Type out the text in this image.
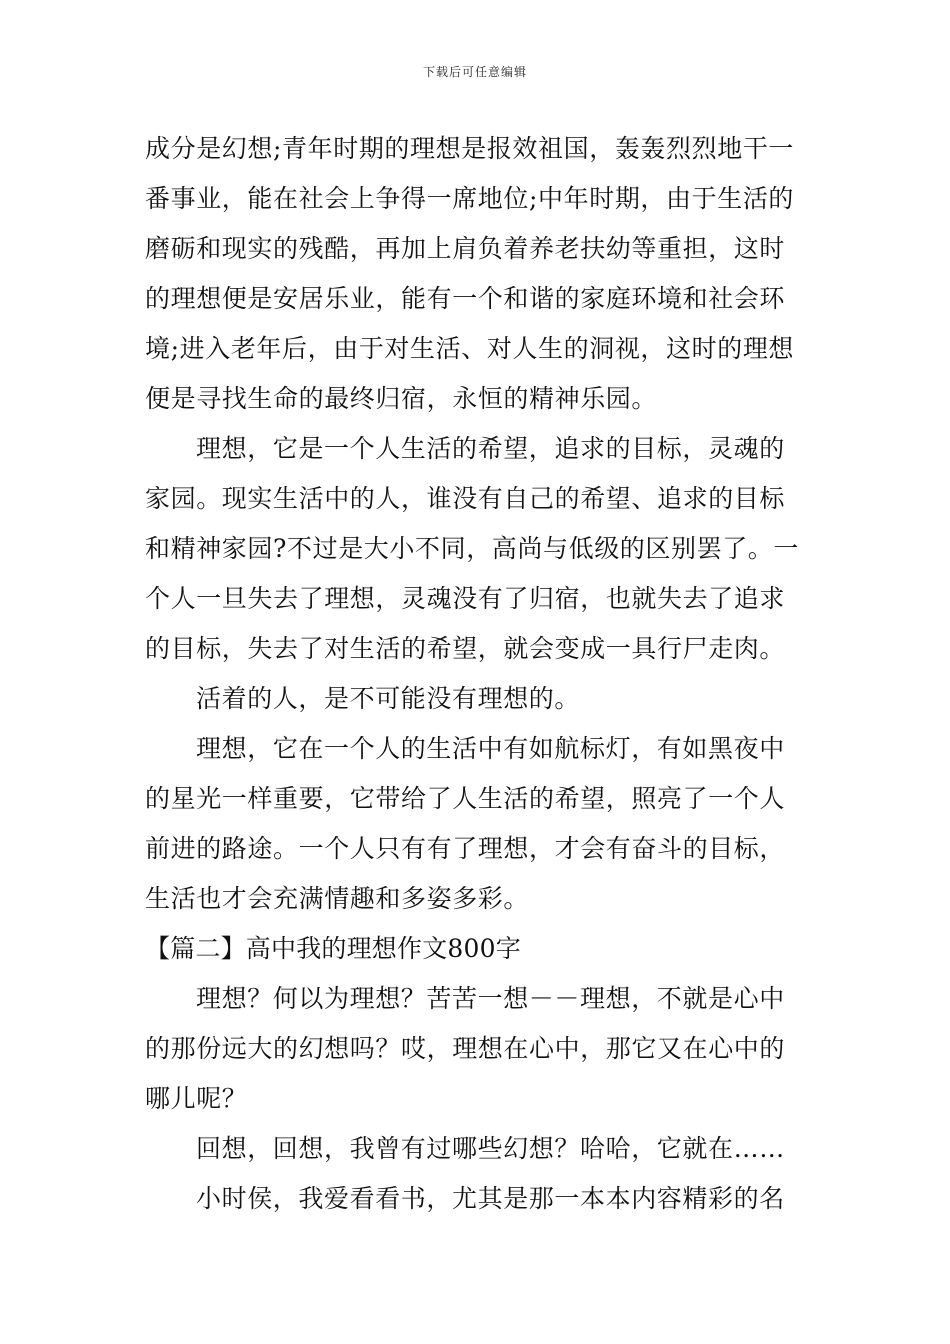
下载后可任意编辑
成分是幻想;青年时期的理想是报效祖国，轰轰烈烈地干一
番事业，能在社会上争得一席地位;中年时期，由于生活的
磨砺和现实的残酷，再加上肩负着养老扶幼等重担，这时
的理想便是安居乐业，能有一个和谐的家庭环境和社会环
境;进入老年后，由于对生活、对人生的洞视，这时的理想
便是寻找生命的最终归宿，永恒的精神乐园。
理想，它是一个人生活的希望，追求的目标，灵魂的
家园。现实生活中的人，谁没有自己的希望、追求的目标
和精神家园?不过是大小不同，高尚与低级的区别罢了。一
个人一旦失去了理想，灵魂没有了归宿，也就失去了追求
的目标，失去了对生活的希望，就会变成一具行尸走肉。
活着的人，是不可能没有理想的。
理想，它在一个人的生活中有如航标灯，有如黑夜中
的星光一样重要，它带给了人生活的希望，照亮了一个人
前进的路途。一个人只有有了理想，才会有奋斗的目标，
生活也才会充满情趣和多姿多彩。
【篇二】高中我的理想作文800字
理想？何以为理想？苦苦一想－－理想，不就是心中
的那份远大的幻想吗？哎，理想在心中，那它又在心中的
哪儿呢？
回想，回想，我曾有过哪些幻想？哈哈，它就在……
小时侯，我爱看看书，尤其是那一本本内容精彩的名
